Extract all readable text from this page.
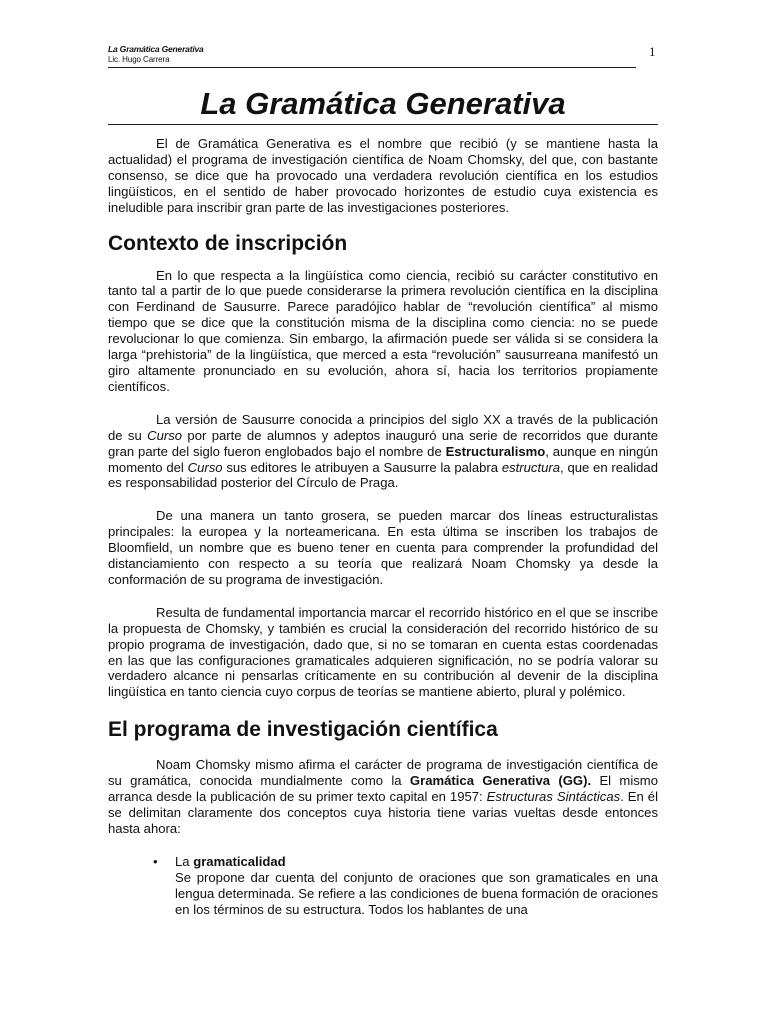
La Gramática Generativa
Lic. Hugo Carrera
1
La Gramática Generativa

El de Gramática Generativa es el nombre que recibió (y se mantiene hasta la actualidad) el programa de investigación científica de Noam Chomsky, del que, con bastante consenso, se dice que ha provocado una verdadera revolución científica en los estudios lingüísticos, en el sentido de haber provocado horizontes de estudio cuya existencia es ineludible para inscribir gran parte de las investigaciones posteriores.

Contexto de inscripción

En lo que respecta a la lingüística como ciencia, recibió su carácter constitutivo en tanto tal a partir de lo que puede considerarse la primera revolución científica en la disciplina con Ferdinand de Sausurre. Parece paradójico hablar de “revolución científica” al mismo tiempo que se dice que la constitución misma de la disciplina como ciencia: no se puede revolucionar lo que comienza. Sin embargo, la afirmación puede ser válida si se considera la larga “prehistoria” de la lingüística, que merced a esta “revolución” sausurreana manifestó un giro altamente pronunciado en su evolución, ahora sí, hacia los territorios propiamente científicos.

La versión de Sausurre conocida a principios del siglo XX a través de la publicación de su Curso por parte de alumnos y adeptos inauguró una serie de recorridos que durante gran parte del siglo fueron englobados bajo el nombre de Estructuralismo, aunque en ningún momento del Curso sus editores le atribuyen a Sausurre la palabra estructura, que en realidad es responsabilidad posterior del Círculo de Praga.

De una manera un tanto grosera, se pueden marcar dos líneas estructuralistas principales: la europea y la norteamericana. En esta última se inscriben los trabajos de Bloomfield, un nombre que es bueno tener en cuenta para comprender la profundidad del distanciamiento con respecto a su teoría que realizará Noam Chomsky ya desde la conformación de su programa de investigación.

Resulta de fundamental importancia marcar el recorrido histórico en el que se inscribe la propuesta de Chomsky, y también es crucial la consideración del recorrido histórico de su propio programa de investigación, dado que, si no se tomaran en cuenta estas coordenadas en las que las configuraciones gramaticales adquieren significación, no se podría valorar su verdadero alcance ni pensarlas críticamente en su contribución al devenir de la disciplina lingüística en tanto ciencia cuyo corpus de teorías se mantiene abierto, plural y polémico.

El programa de investigación científica

Noam Chomsky mismo afirma el carácter de programa de investigación científica de su gramática, conocida mundialmente como la Gramática Generativa (GG). El mismo arranca desde la publicación de su primer texto capital en 1957: Estructuras Sintácticas. En él se delimitan claramente dos conceptos cuya historia tiene varias vueltas desde entonces hasta ahora:

• La gramaticalidad
Se propone dar cuenta del conjunto de oraciones que son gramaticales en una lengua determinada. Se refiere a las condiciones de buena formación de oraciones en los términos de su estructura. Todos los hablantes de una
